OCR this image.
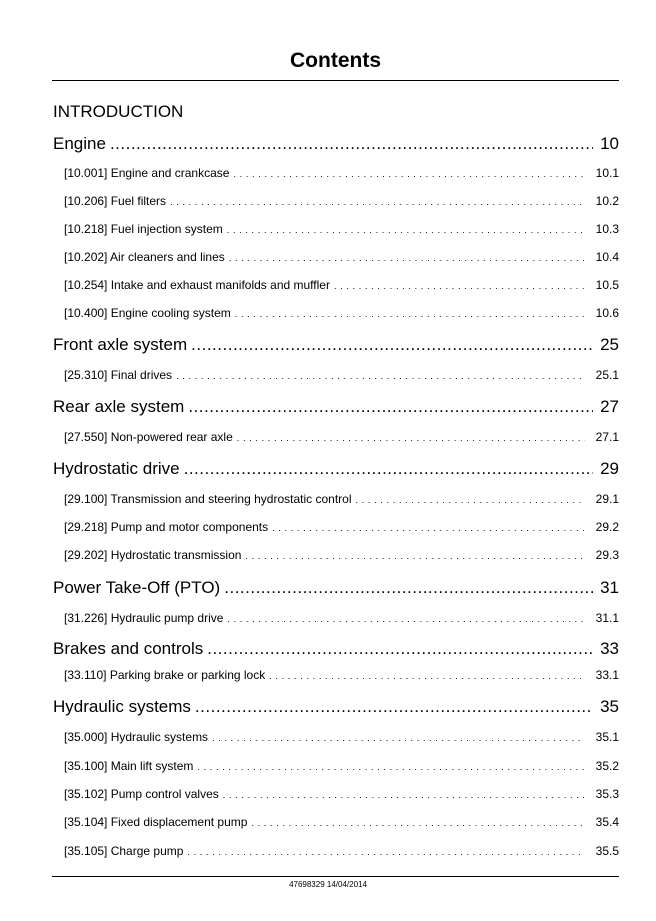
Contents
INTRODUCTION
Engine .....	10
[10.001] Engine and crankcase . . .	10.1
[10.206] Fuel filters . . .	10.2
[10.218] Fuel injection system . . .	10.3
[10.202] Air cleaners and lines . . .	10.4
[10.254] Intake and exhaust manifolds and muffler . . .	10.5
[10.400] Engine cooling system . . .	10.6
Front axle system .....	25
[25.310] Final drives . . .	25.1
Rear axle system .....	27
[27.550] Non-powered rear axle . . .	27.1
Hydrostatic drive .....	29
[29.100] Transmission and steering hydrostatic control . . .	29.1
[29.218] Pump and motor components . . .	29.2
[29.202] Hydrostatic transmission . . .	29.3
Power Take-Off (PTO) .....	31
[31.226] Hydraulic pump drive . . .	31.1
Brakes and controls .....	33
[33.110] Parking brake or parking lock . . .	33.1
Hydraulic systems .....	35
[35.000] Hydraulic systems . . .	35.1
[35.100] Main lift system . . .	35.2
[35.102] Pump control valves . . .	35.3
[35.104] Fixed displacement pump . . .	35.4
[35.105] Charge pump . . .	35.5
47698329 14/04/2014
